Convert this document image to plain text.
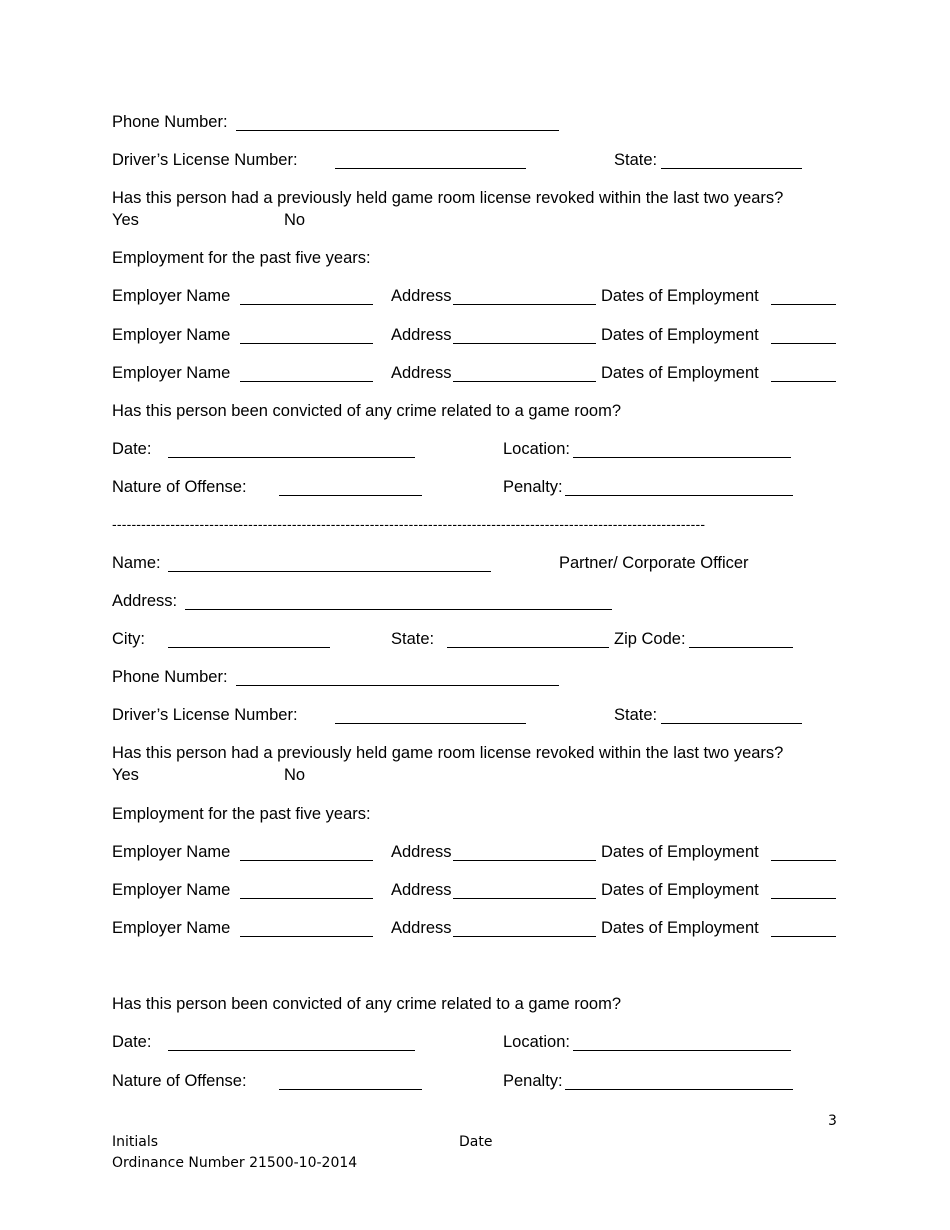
Phone Number:
Driver’s License Number:	State:
Has this person had a previously held game room license revoked within the last two years?
Yes	No
Employment for the past five years:
Employer Name	Address	Dates of Employment
Employer Name	Address	Dates of Employment
Employer Name	Address	Dates of Employment
Has this person been convicted of any crime related to a game room?
Date:	Location:
Nature of Offense:	Penalty:
--------------------------------------------------------------------------------------------------------------------------
Name:	Partner/ Corporate Officer
Address:
City:	State:	Zip Code:
Phone Number:
Driver’s License Number:	State:
Has this person had a previously held game room license revoked within the last two years?
Yes	No
Employment for the past five years:
Employer Name	Address	Dates of Employment
Employer Name	Address	Dates of Employment
Employer Name	Address	Dates of Employment
Has this person been convicted of any crime related to a game room?
Date:	Location:
Nature of Offense:	Penalty:
3
Initials	Date
Ordinance Number 21500-10-2014
